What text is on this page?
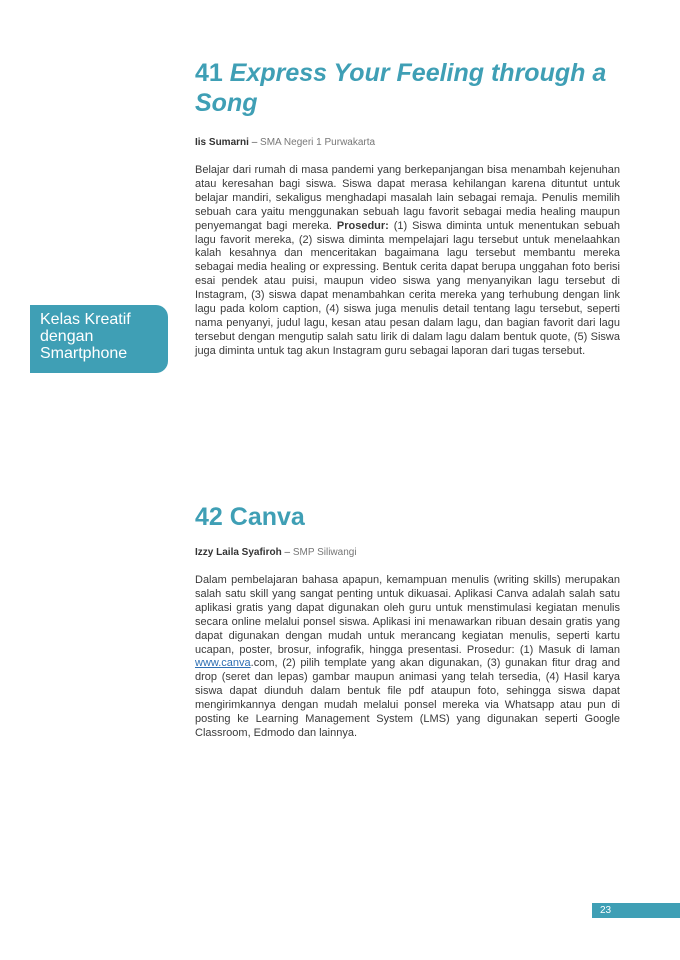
Kelas Kreatif
dengan
Smartphone
41 Express Your Feeling through a Song

Iis Sumarni – SMA Negeri 1 Purwakarta

Belajar dari rumah di masa pandemi yang berkepanjangan bisa menambah kejenuhan atau keresahan bagi siswa. Siswa dapat merasa kehilangan karena dituntut untuk belajar mandiri, sekaligus menghadapi masalah lain sebagai remaja. Penulis memilih sebuah cara yaitu menggunakan sebuah lagu favorit sebagai media healing maupun penyemangat bagi mereka. Prosedur: (1) Siswa diminta untuk menentukan sebuah lagu favorit mereka, (2) siswa diminta mempelajari lagu tersebut untuk menelaahkan kalah kesahnya dan menceritakan bagaimana lagu tersebut membantu mereka sebagai media healing or expressing. Bentuk cerita dapat berupa unggahan foto berisi esai pendek atau puisi, maupun video siswa yang menyanyikan lagu tersebut di Instagram, (3) siswa dapat menambahkan cerita mereka yang terhubung dengan link lagu pada kolom caption, (4) siswa juga menulis detail tentang lagu tersebut, seperti nama penyanyi, judul lagu, kesan atau pesan dalam lagu, dan bagian favorit dari lagu tersebut dengan mengutip salah satu lirik di dalam lagu dalam bentuk quote, (5) Siswa juga diminta untuk tag akun Instagram guru sebagai laporan dari tugas tersebut.

42 Canva

Izzy Laila Syafiroh – SMP Siliwangi

Dalam pembelajaran bahasa apapun, kemampuan menulis (writing skills) merupakan salah satu skill yang sangat penting untuk dikuasai. Aplikasi Canva adalah salah satu aplikasi gratis yang dapat digunakan oleh guru untuk menstimulasi kegiatan menulis secara online melalui ponsel siswa. Aplikasi ini menawarkan ribuan desain gratis yang dapat digunakan dengan mudah untuk merancang kegiatan menulis, seperti kartu ucapan, poster, brosur, infografik, hingga presentasi. Prosedur: (1) Masuk di laman www.canva.com, (2) pilih template yang akan digunakan, (3) gunakan fitur drag and drop (seret dan lepas) gambar maupun animasi yang telah tersedia, (4) Hasil karya siswa dapat diunduh dalam bentuk file pdf ataupun foto, sehingga siswa dapat mengirimkannya dengan mudah melalui ponsel mereka via Whatsapp atau pun di posting ke Learning Management System (LMS) yang digunakan seperti Google Classroom, Edmodo dan lainnya.

23
